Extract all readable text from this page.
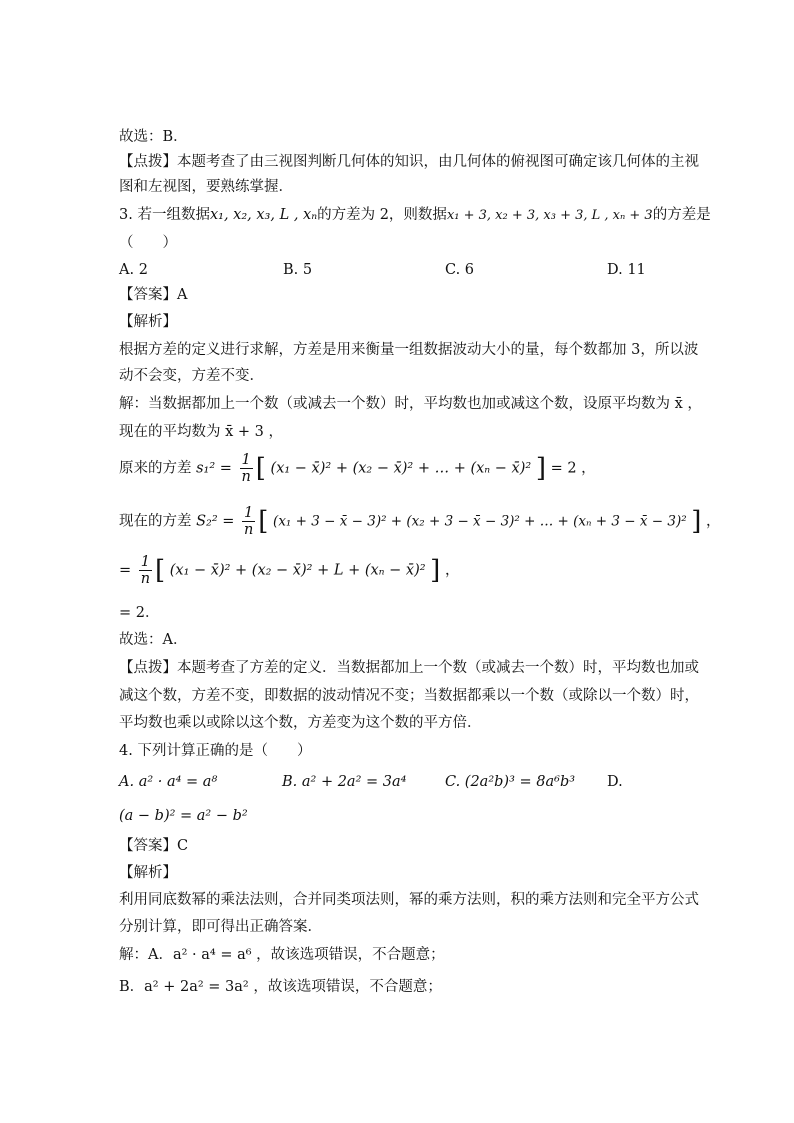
故选：B．
【点拨】本题考查了由三视图判断几何体的知识，由几何体的俯视图可确定该几何体的主视
图和左视图，要熟练掌握．
3. 若一组数据x₁, x₂, x₃, L , xₙ的方差为 2，则数据x₁ + 3, x₂ + 3, x₃ + 3, L , xₙ + 3的方差是
（　　）
A. 2	B. 5	C. 6	D. 11
【答案】A
【解析】
根据方差的定义进行求解，方差是用来衡量一组数据波动大小的量，每个数都加 3，所以波
动不会变，方差不变．
解：当数据都加上一个数（或减去一个数）时，平均数也加或减这个数，设原平均数为 x̄ ，
现在的平均数为 x̄ + 3 ，
原来的方差 $s_1^2 = \frac{1}{n}$ [ (x₁ − x̄)² + (x₂ − x̄)² + … + (xₙ − x̄)² ] = 2 ，
现在的方差 $S_2^2 = \frac{1}{n}$ [ (x₁ + 3 − x̄ − 3)² + (x₂ + 3 − x̄ − 3)² + … + (xₙ + 3 − x̄ − 3)² ] ，
= $\frac{1}{n}$ [ (x₁ − x̄)² + (x₂ − x̄)² + L + (xₙ − x̄)² ] ，
= 2．
故选：A．
【点拨】本题考查了方差的定义．当数据都加上一个数（或减去一个数）时，平均数也加或
减这个数，方差不变，即数据的波动情况不变；当数据都乘以一个数（或除以一个数）时，
平均数也乘以或除以这个数，方差变为这个数的平方倍．
4. 下列计算正确的是（　　）
A. a² · a⁴ = a⁸	B. a² + 2a² = 3a⁴	C. (2a²b)³ = 8a⁶b³ D.
(a − b)² = a² − b²
【答案】C
【解析】
利用同底数幂的乘法法则，合并同类项法则，幂的乘方法则，积的乘方法则和完全平方公式
分别计算，即可得出正确答案．
解：A．a² · a⁴ = a⁶ ，故该选项错误，不合题意；
B．a² + 2a² = 3a² ，故该选项错误，不合题意；
